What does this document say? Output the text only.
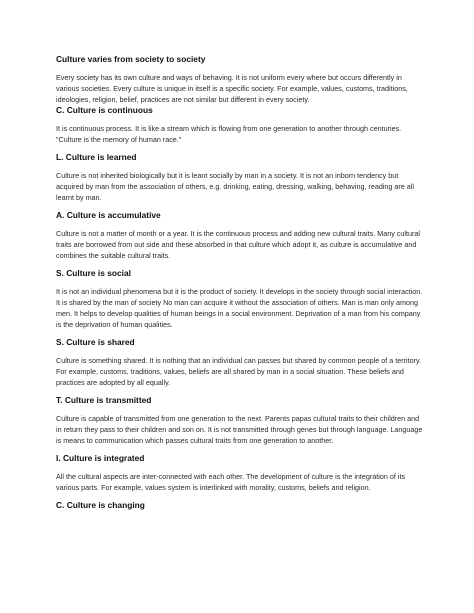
Culture varies from society to society

Every society has its own culture and ways of behaving. It is not uniform every where but occurs differently in various societies. Every culture is unique in itself is a specific society. For example, values, customs, traditions, ideologies, religion, belief, practices are not similar but different in every society.

C. Culture is continuous

It is continuous process. It is like a stream which is flowing from one generation to another through centuries. "Culture is the memory of human race."

L. Culture is learned

Culture is not inherited biologically but it is leant socially by man in a society. It is not an inborn tendency but acquired by man from the association of others, e.g. drinking, eating, dressing, walking, behaving, reading are all learnt by man.

A. Culture is accumulative

Culture is not a matter of month or a year. It is the continuous process and adding new cultural traits. Many cultural traits are borrowed from out side and these absorbed in that culture which adopt it, as culture is accumulative and combines the suitable cultural traits.

S. Culture is social

It is not an individual phenomena but it is the product of society. It develops in the society through social interaction. It is shared by the man of society No man can acquire it without the association of others. Man is man only among men. It helps to develop qualities of human beings in a social environment. Deprivation of a man from his company is the deprivation of human qualities.

S. Culture is shared

Culture is something shared. It is nothing that an individual can passes but shared by common people of a territory. For example, customs, traditions, values, beliefs are all shared by man in a social situation. These beliefs and practices are adopted by all equally.

T. Culture is transmitted

Culture is capable of transmitted from one generation to the next. Parents papas cultural traits to their children and in return they pass to their children and son on. It is not transmitted through genes but through language. Language is means to communication which passes cultural traits from one generation to another.

I. Culture is integrated

All the cultural aspects are inter-connected with each other. The development of culture is the integration of its various parts. For example, values system is interlinked with morality, customs, beliefs and religion.

C. Culture is changing
